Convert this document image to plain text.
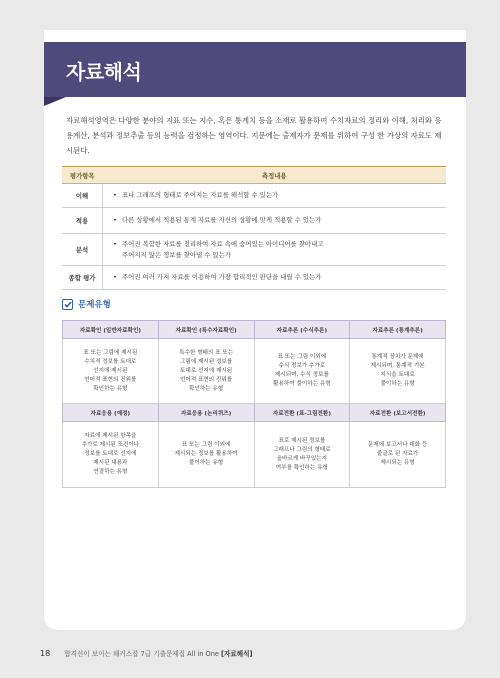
자료해석

자료해석영역은 다양한 분야의 지표 또는 지수, 혹은 통계치 등을 소재로 활용하여 수치자료의 정리와 이해, 처리와 응용계산, 분석과 정보추출 등의 능력을 검정하는 영역이다. 지문에는 출제자가 문제를 위하여 구성 한 가상의 자료도 제시된다.

평가항목	측정내용
이해	• 표나 그래프의 형태로 주어지는 자료를 해석할 수 있는가
적용	• 다른 상황에서 적용된 통계 자료를 자신의 상황에 맞게 적용할 수 있는가
분석	• 주어진 복합한 자료를 정리하여 자료 속에 숨어있는 아이디어를 찾아내고
주어지지 않은 정보를 찾아낼 수 있는가
종합 평가	• 주어진 여러 가지 자료를 이용하여 가장 합리적인 판단을 내릴 수 있는가
문제유형
자료확인 (일반자료확인)	자료확인 (특수자료확인)	자료추론 (수식추론)	자료추론 (통계추론)

표 또는 그림에 제시된
수치적 정보를 토대로
선지에 제시된
언어적 표현의 진위를
확인하는 유형	특수한 형태의 표 또는
그림에 제시된 정보를
토대로 선지에 제시된
언어적 표현의 진위를
확인하는 유형	표 또는 그림 이외에
수식 정보가 추가로
제시되며, 수식 정보를
활용하여 풀이하는 유형	통계적 장치가 문제에
제시되며, 통계적 기본
지식을 토대로
풀이하는 유형

자료응용 (예정)	자료응용 (논리퀴즈)	자료전환 (표-그림전환)	자료전환 (보고서전환)

자료에 제시된 항목을
추가로 제시된 조건이나
정보를 토대로 선지에
제시된 내용과
연결하는 유형	표 또는 그림 이외에
제시되는 정보를 활용하여
풀이하는 유형	표로 제시된 정보를
그래프나 그림의 형태로
올바르게 바꾸었는지
여부를 확인하는 유형	문제에 보고서나 대화 등
줄글로 된 자료가
제시되는 유형
18 합격선이 보이는 해커스잡 7급 기출문제집 All in One [자료해석]
